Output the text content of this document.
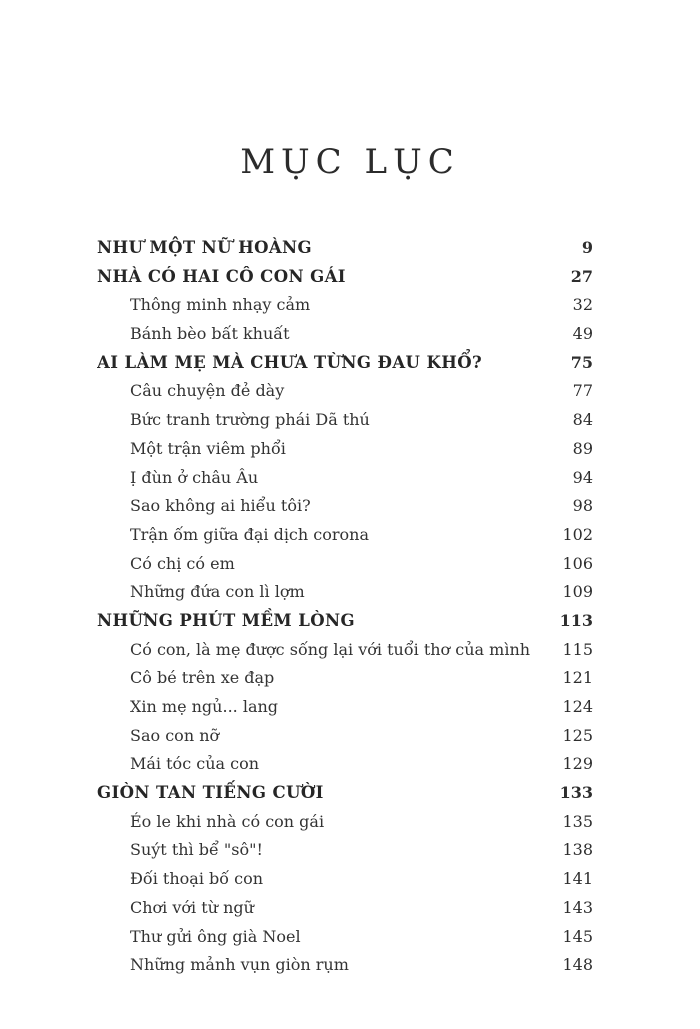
MỤC LỤC
NHƯ MỘT NỮ HOÀNG	9
NHÀ CÓ HAI CÔ CON GÁI	27
Thông minh nhạy cảm	32
Bánh bèo bất khuất	49
AI LÀM MẸ MÀ CHƯA TỪNG ĐAU KHỔ?	75
Câu chuyện đẻ dày	77
Bức tranh trường phái Dã thú	84
Một trận viêm phổi	89
Ị đùn ở châu Âu	94
Sao không ai hiểu tôi?	98
Trận ốm giữa đại dịch corona	102
Có chị có em	106
Những đứa con lì lợm	109
NHỮNG PHÚT MỀM LÒNG	113
Có con, là mẹ được sống lại với tuổi thơ của mình	115
Cô bé trên xe đạp	121
Xin mẹ ngủ... lang	124
Sao con nỡ	125
Mái tóc của con	129
GIÒN TAN TIẾNG CƯỜI	133
Éo le khi nhà có con gái	135
Suýt thì bể "sô"!	138
Đối thoại bố con	141
Chơi với từ ngữ	143
Thư gửi ông già Noel	145
Những mảnh vụn giòn rụm	148
